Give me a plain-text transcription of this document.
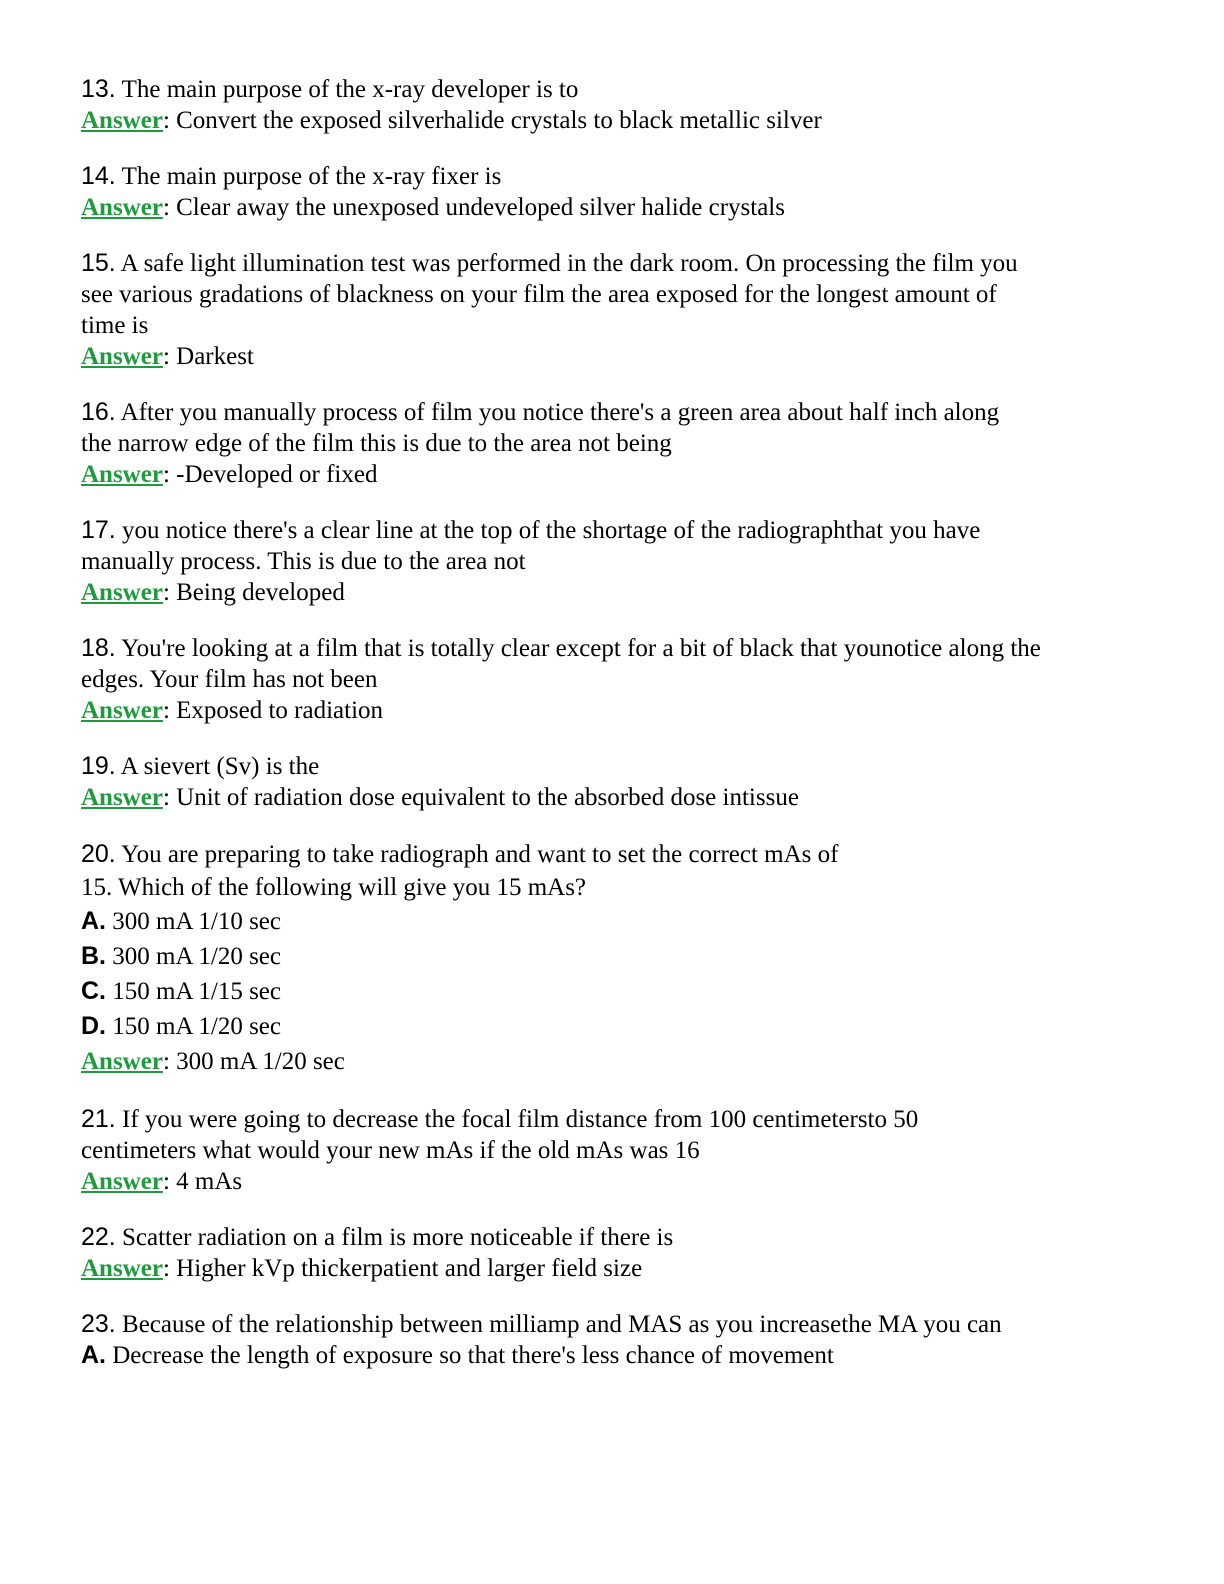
13. The main purpose of the x-ray developer is to
Answer: Convert the exposed silverhalide crystals to black metallic silver
14. The main purpose of the x-ray fixer is
Answer: Clear away the unexposed undeveloped silver halide crystals
15. A safe light illumination test was performed in the dark room. On processing the film you
see various gradations of blackness on your film the area exposed for the longest amount of
time is
Answer: Darkest
16. After you manually process of film you notice there's a green area about half inch along
the narrow edge of the film this is due to the area not being
Answer: -Developed or fixed
17. you notice there's a clear line at the top of the shortage of the radiographthat you have
manually process. This is due to the area not
Answer: Being developed
18. You're looking at a film that is totally clear except for a bit of black that younotice along the
edges. Your film has not been
Answer: Exposed to radiation
19. A sievert (Sv) is the
Answer: Unit of radiation dose equivalent to the absorbed dose intissue
20. You are preparing to take radiograph and want to set the correct mAs of
15. Which of the following will give you 15 mAs?
A. 300 mA 1/10 sec
B. 300 mA 1/20 sec
C. 150 mA 1/15 sec
D. 150 mA 1/20 sec
Answer: 300 mA 1/20 sec
21. If you were going to decrease the focal film distance from 100 centimetersto 50
centimeters what would your new mAs if the old mAs was 16
Answer: 4 mAs
22. Scatter radiation on a film is more noticeable if there is
Answer: Higher kVp thickerpatient and larger field size
23. Because of the relationship between milliamp and MAS as you increasethe MA you can
A. Decrease the length of exposure so that there's less chance of movement
